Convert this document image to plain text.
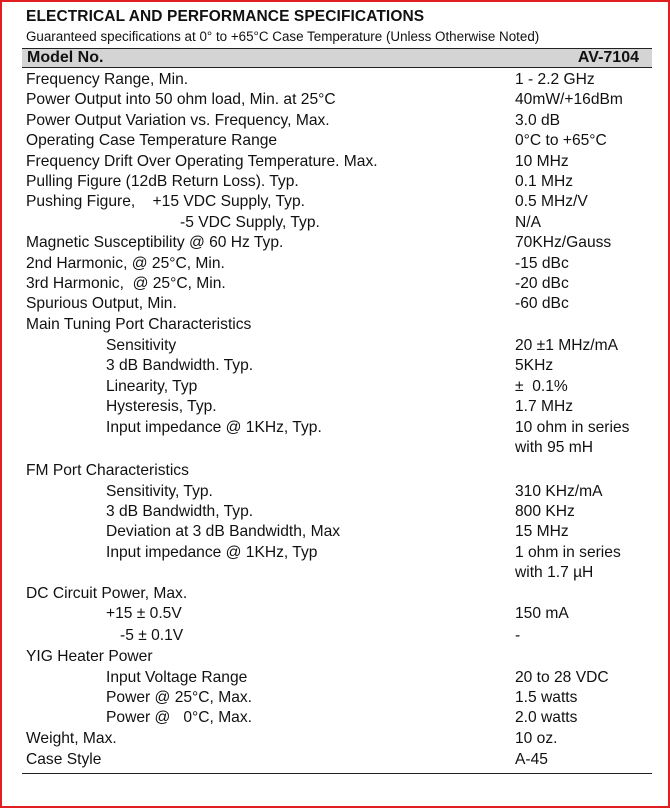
ELECTRICAL AND PERFORMANCE SPECIFICATIONS
Guaranteed specifications at 0° to +65°C Case Temperature (Unless Otherwise Noted)
Model No.	AV-7104
Frequency Range, Min.	1 - 2.2 GHz
Power Output into 50 ohm load, Min. at 25°C	40mW/+16dBm
Power Output Variation vs. Frequency, Max.	3.0 dB
Operating Case Temperature Range	0°C to +65°C
Frequency Drift Over Operating Temperature. Max.	10 MHz
Pulling Figure (12dB Return Loss). Typ.	0.1 MHz
Pushing Figure,    +15 VDC Supply, Typ.	0.5 MHz/V
-5 VDC Supply, Typ.	N/A
Magnetic Susceptibility @ 60 Hz Typ.	70KHz/Gauss
2nd Harmonic, @ 25°C, Min.	-15 dBc
3rd Harmonic,  @ 25°C, Min.	-20 dBc
Spurious Output, Min.	-60 dBc
Main Tuning Port Characteristics
Sensitivity	20 ±1 MHz/mA
3 dB Bandwidth. Typ.	5KHz
Linearity, Typ	±  0.1%
Hysteresis, Typ.	1.7 MHz
Input impedance @ 1KHz, Typ.	10 ohm in series
with 95 mH
FM Port Characteristics
Sensitivity, Typ.	310 KHz/mA
3 dB Bandwidth, Typ.	800 KHz
Deviation at 3 dB Bandwidth, Max	15 MHz
Input impedance @ 1KHz, Typ	1 ohm in series
with 1.7 µH
DC Circuit Power, Max.
+15 ± 0.5V	150 mA
-5 ± 0.1V	-
YIG Heater Power
Input Voltage Range	20 to 28 VDC
Power @ 25°C, Max.	1.5 watts
Power @   0°C, Max.	2.0 watts
Weight, Max.	10 oz.
Case Style	A-45
